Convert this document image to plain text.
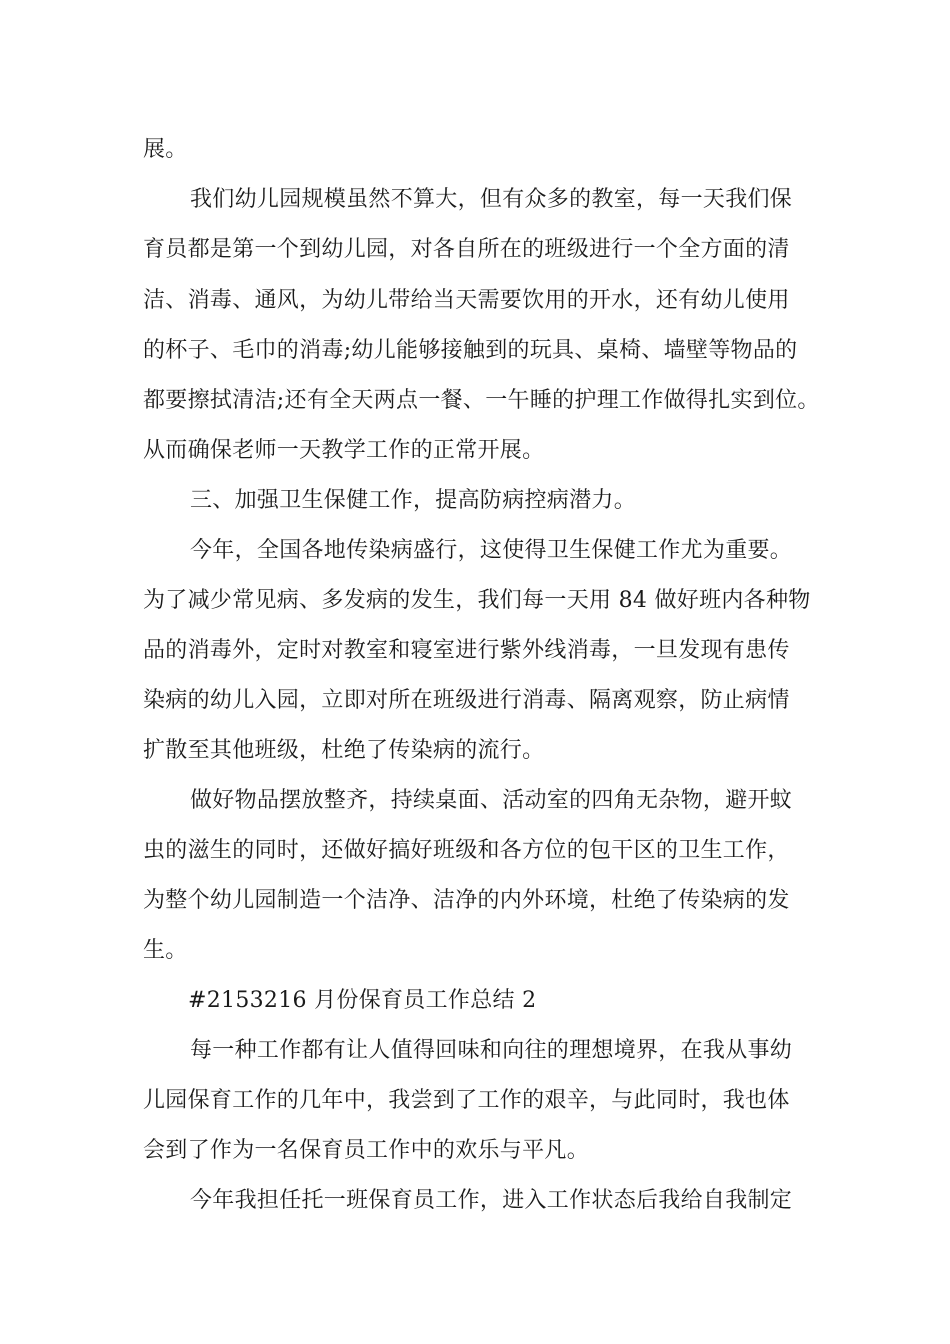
展。
我们幼儿园规模虽然不算大，但有众多的教室，每一天我们保
育员都是第一个到幼儿园，对各自所在的班级进行一个全方面的清
洁、消毒、通风，为幼儿带给当天需要饮用的开水，还有幼儿使用
的杯子、毛巾的消毒;幼儿能够接触到的玩具、桌椅、墙壁等物品的
都要擦拭清洁;还有全天两点一餐、一午睡的护理工作做得扎实到位。
从而确保老师一天教学工作的正常开展。
三、加强卫生保健工作，提高防病控病潜力。
今年，全国各地传染病盛行，这使得卫生保健工作尤为重要。
为了减少常见病、多发病的发生，我们每一天用 84 做好班内各种物
品的消毒外，定时对教室和寝室进行紫外线消毒，一旦发现有患传
染病的幼儿入园，立即对所在班级进行消毒、隔离观察，防止病情
扩散至其他班级，杜绝了传染病的流行。
做好物品摆放整齐，持续桌面、活动室的四角无杂物，避开蚊
虫的滋生的同时，还做好搞好班级和各方位的包干区的卫生工作，
为整个幼儿园制造一个洁净、洁净的内外环境，杜绝了传染病的发
生。
#2153216 月份保育员工作总结 2
每一种工作都有让人值得回味和向往的理想境界，在我从事幼
儿园保育工作的几年中，我尝到了工作的艰辛，与此同时，我也体
会到了作为一名保育员工作中的欢乐与平凡。
今年我担任托一班保育员工作，进入工作状态后我给自我制定
